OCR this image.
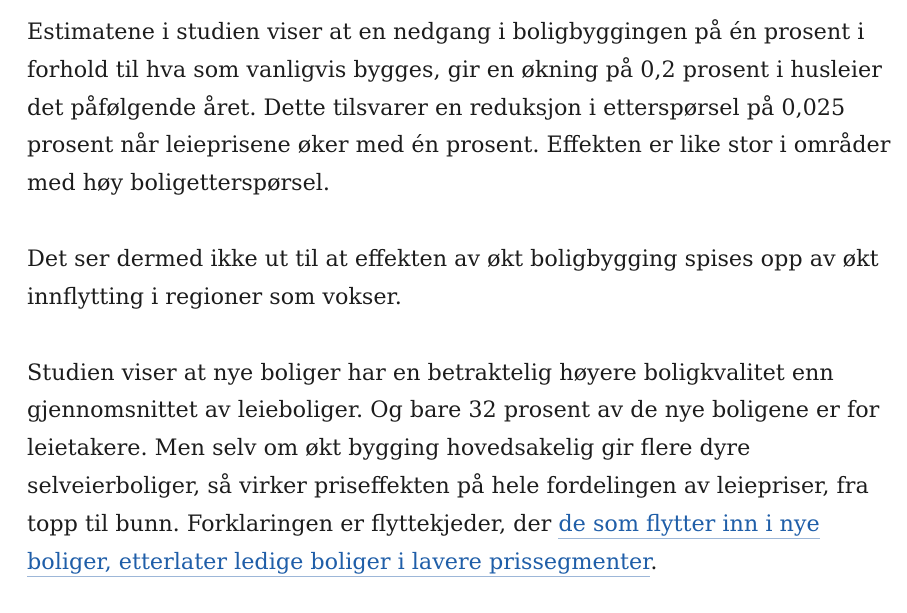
Estimatene i studien viser at en nedgang i boligbyggingen på én prosent i
forhold til hva som vanligvis bygges, gir en økning på 0,2 prosent i husleier
det påfølgende året. Dette tilsvarer en reduksjon i etterspørsel på 0,025
prosent når leieprisene øker med én prosent. Effekten er like stor i områder
med høy boligetterspørsel.

Det ser dermed ikke ut til at effekten av økt boligbygging spises opp av økt
innflytting i regioner som vokser.

Studien viser at nye boliger har en betraktelig høyere boligkvalitet enn
gjennomsnittet av leieboliger. Og bare 32 prosent av de nye boligene er for
leietakere. Men selv om økt bygging hovedsakelig gir flere dyre
selveierboliger, så virker priseffekten på hele fordelingen av leiepriser, fra
topp til bunn. Forklaringen er flyttekjeder, der de som flytter inn i nye
boliger, etterlater ledige boliger i lavere prissegmenter.
